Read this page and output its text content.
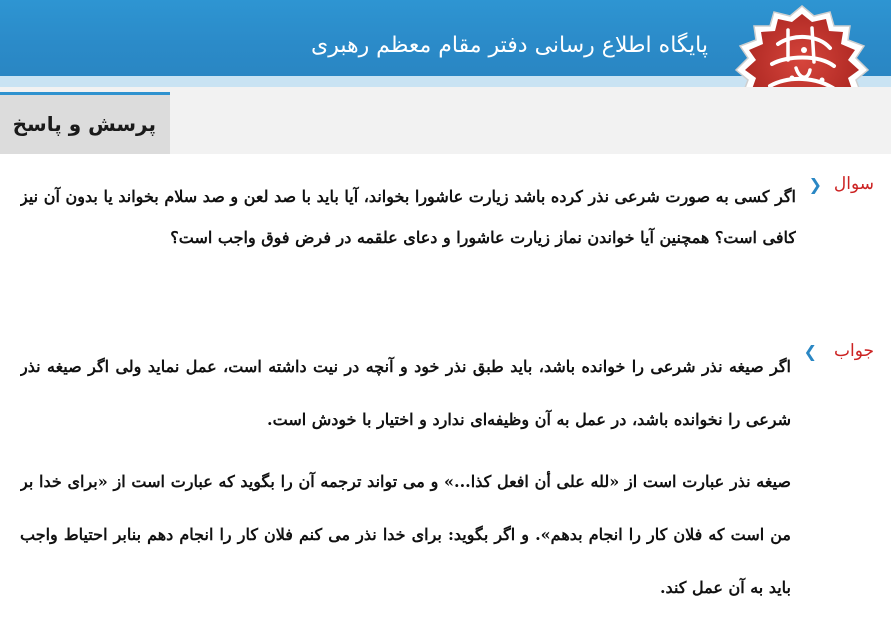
پایگاه اطلاع رسانی دفتر مقام معظم رهبری
پرسش و پاسخ
سوال
❮
اگر کسی به صورت شرعی نذر کرده باشد زیارت عاشورا بخواند، آیا باید با صد لعن و صد سلام بخواند یا بدون آن نیز کافی است؟ همچنین آیا خواندن نماز زیارت عاشورا و دعای علقمه در فرض فوق واجب است؟
جواب
❯
اگر صیغه نذر شرعی را خوانده باشد، باید طبق نذر خود و آنچه در نیت داشته است، عمل نماید ولی اگر صیغه نذر شرعی را نخوانده باشد، در عمل به آن وظیفه‌ای ندارد و اختیار با خودش است.
صیغه نذر عبارت است از «لله علی أن افعل کذا...» و می تواند ترجمه آن را بگوید که عبارت است از «برای خدا بر من است که فلان کار را انجام بدهم». و اگر بگوید: برای خدا نذر می کنم فلان کار را انجام دهم بنابر احتیاط واجب باید به آن عمل کند.
